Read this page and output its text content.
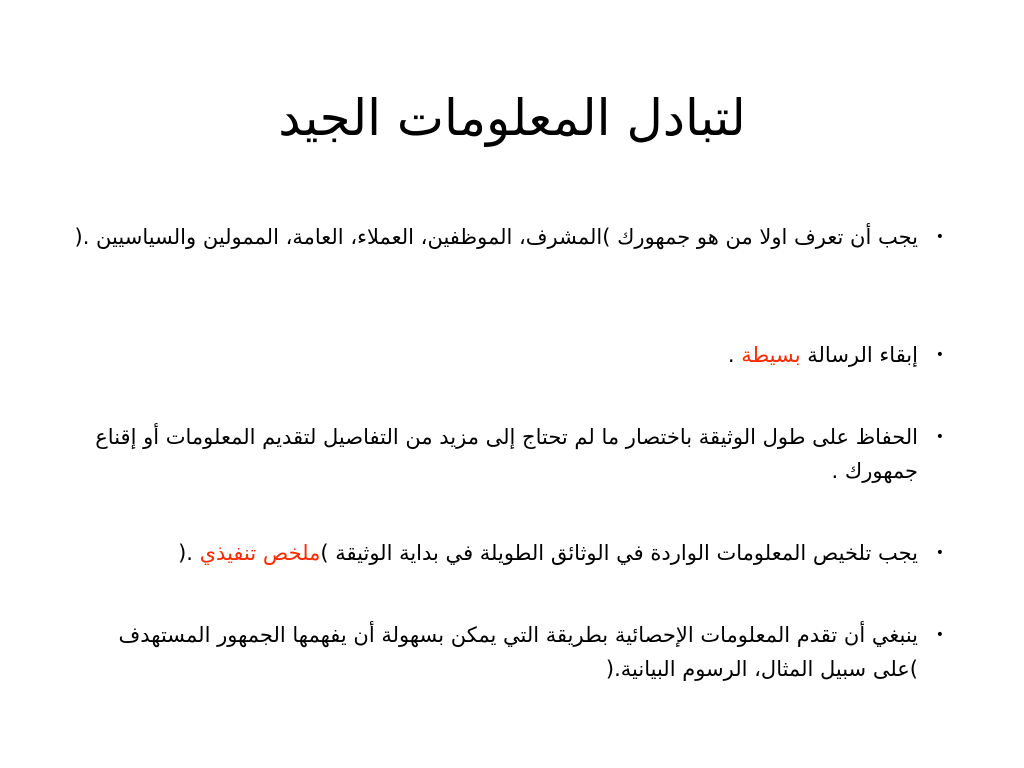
لتبادل المعلومات الجيد
•
يجب أن تعرف اولا من هو جمهورك )المشرف، الموظفين، العملاء، العامة، الممولين والسياسيين .(
•
إبقاء الرسالة بسيطة .
•
الحفاظ على طول الوثيقة باختصار ما لم تحتاج إلى مزيد من التفاصيل لتقديم المعلومات أو إقناع جمهورك .
•
يجب تلخيص المعلومات الواردة في الوثائق الطويلة في بداية الوثيقة )ملخص تنفيذي .(
•
ينبغي أن تقدم المعلومات الإحصائية بطريقة التي يمكن بسهولة أن يفهمها الجمهور المستهدف )على سبيل المثال، الرسوم البيانية.(
